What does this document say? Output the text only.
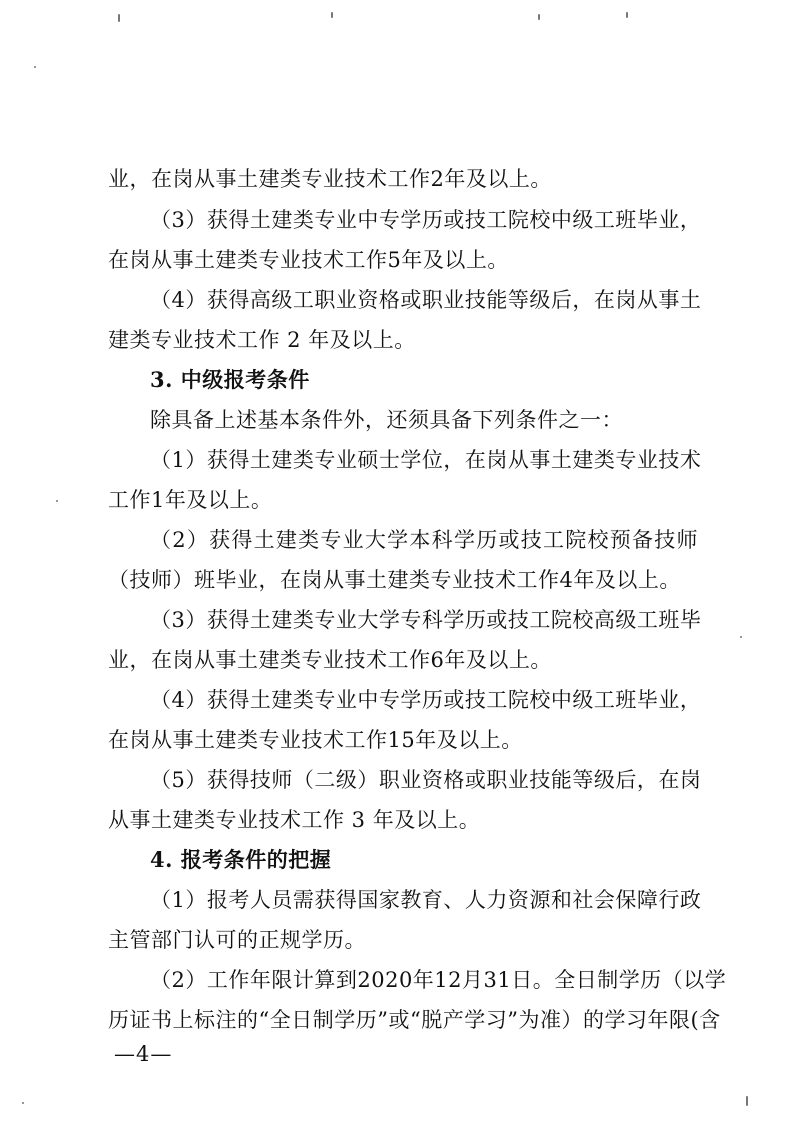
业，在岗从事土建类专业技术工作2年及以上。
（3）获得土建类专业中专学历或技工院校中级工班毕业，
在岗从事土建类专业技术工作5年及以上。
（4）获得高级工职业资格或职业技能等级后，在岗从事土
建类专业技术工作 2 年及以上。
3. 中级报考条件
除具备上述基本条件外，还须具备下列条件之一：
（1）获得土建类专业硕士学位，在岗从事土建类专业技术
工作1年及以上。
（2）获得土建类专业大学本科学历或技工院校预备技师
（技师）班毕业，在岗从事土建类专业技术工作4年及以上。
（3）获得土建类专业大学专科学历或技工院校高级工班毕
业，在岗从事土建类专业技术工作6年及以上。
（4）获得土建类专业中专学历或技工院校中级工班毕业，
在岗从事土建类专业技术工作15年及以上。
（5）获得技师（二级）职业资格或职业技能等级后，在岗
从事土建类专业技术工作 3 年及以上。
4. 报考条件的把握
（1）报考人员需获得国家教育、人力资源和社会保障行政
主管部门认可的正规学历。
（2）工作年限计算到2020年12月31日。全日制学历（以学
历证书上标注的“全日制学历”或“脱产学习”为准）的学习年限(含
—4—
